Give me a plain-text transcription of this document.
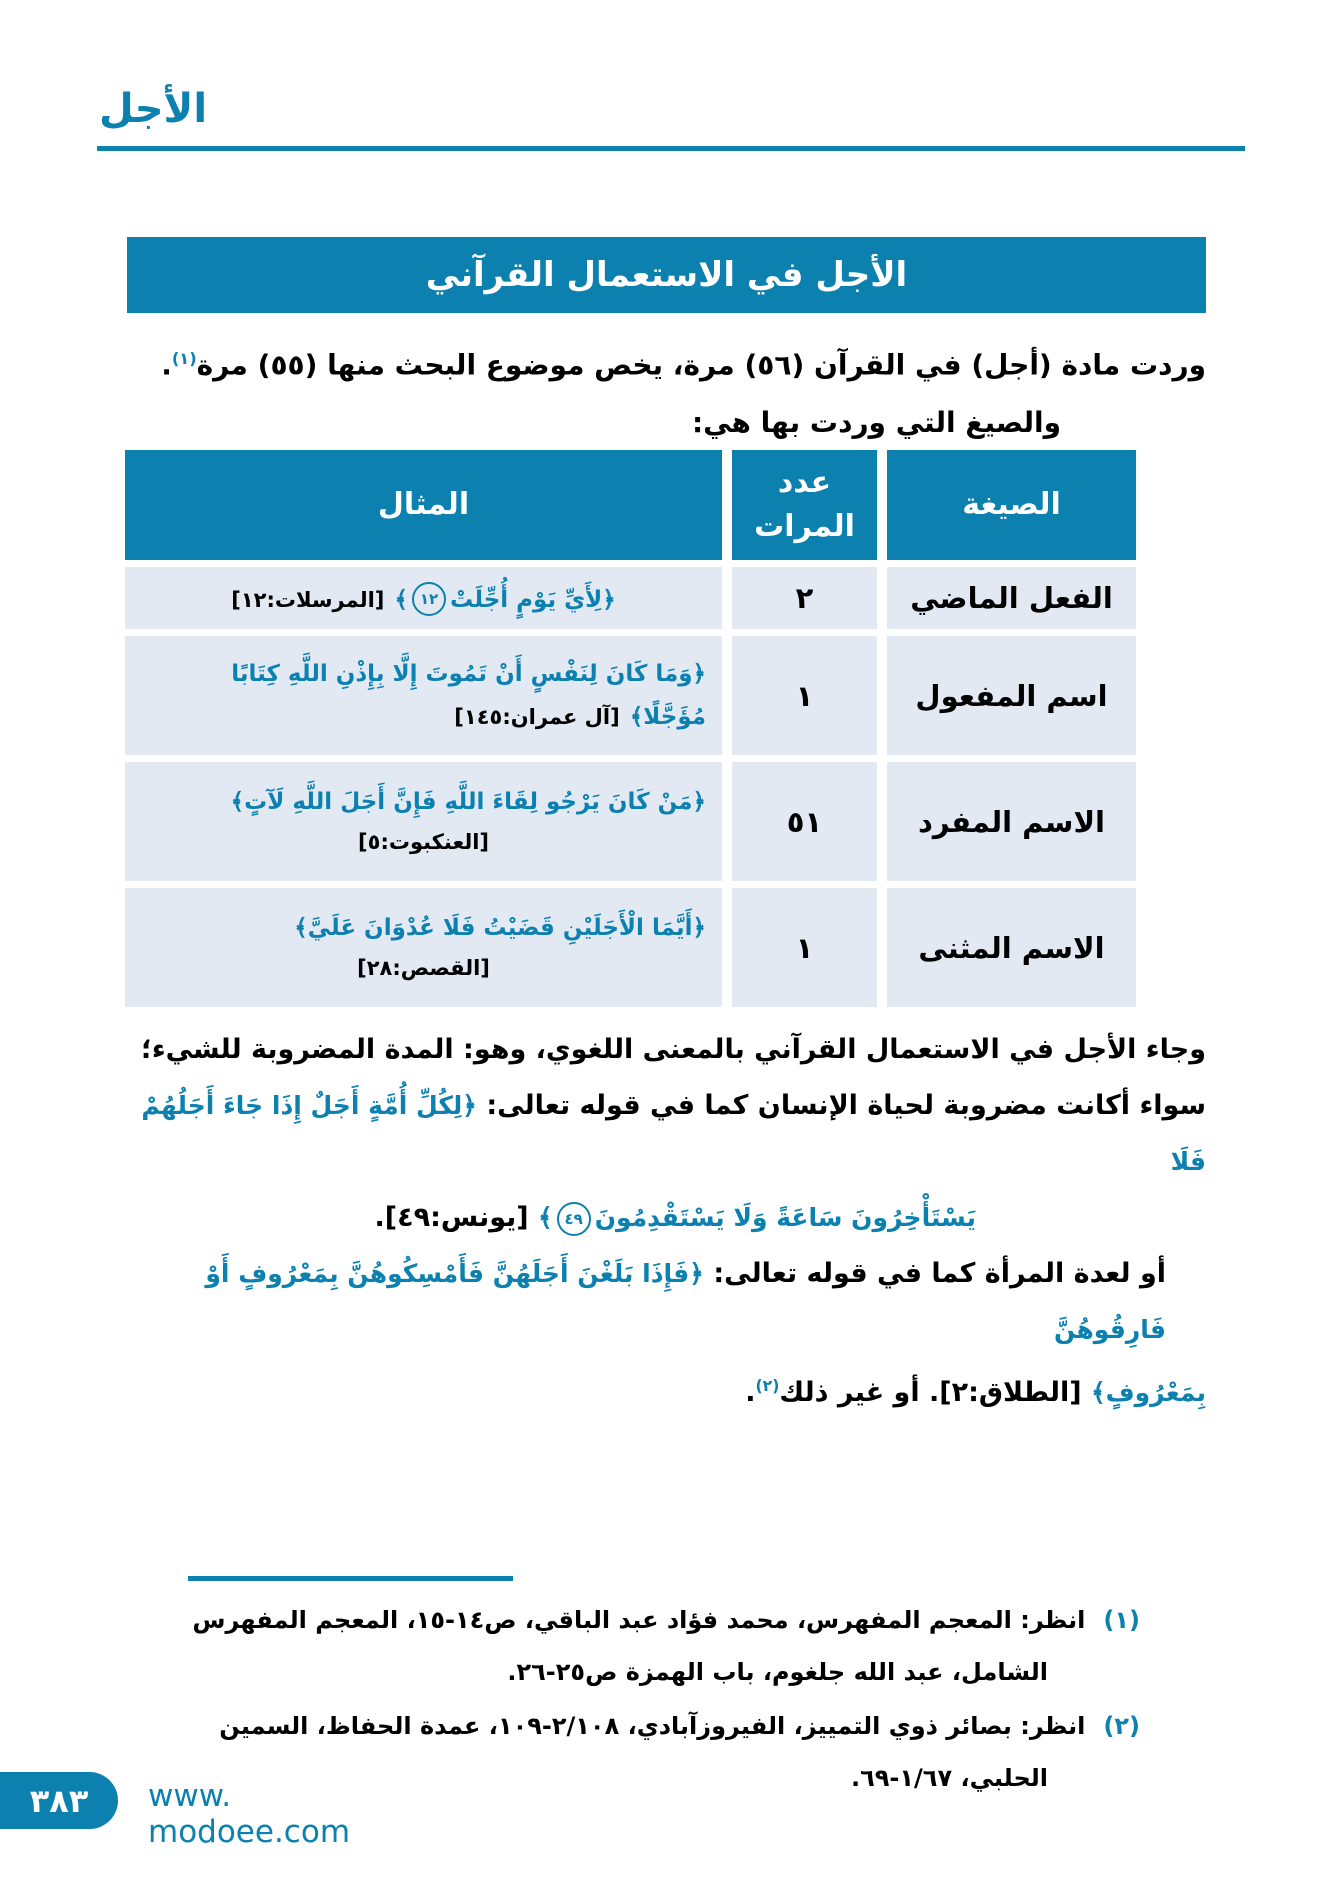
الأجل
الأجل في الاستعمال القرآني
وردت مادة (أجل) في القرآن (٥٦) مرة، يخص موضوع البحث منها (٥٥) مرة$^{(١)}$.
والصيغ التي وردت بها هي:
الصيغة
عدد المرات
المثال
الفعل الماضي
٢
﴿لِأَيِّ يَوْمٍ أُجِّلَتْ١٢﴾ [المرسلات:١٢]
اسم المفعول
١
﴿وَمَا كَانَ لِنَفْسٍ أَنْ تَمُوتَ إِلَّا بِإِذْنِ اللَّهِ كِتَابًا
مُؤَجَّلًا﴾ [آل عمران:١٤٥]
الاسم المفرد
٥١
﴿مَنْ كَانَ يَرْجُو لِقَاءَ اللَّهِ فَإِنَّ أَجَلَ اللَّهِ لَآتٍ﴾
[العنكبوت:٥]
الاسم المثنى
١
﴿أَيَّمَا الْأَجَلَيْنِ قَضَيْتُ فَلَا عُدْوَانَ عَلَيَّ﴾
[القصص:٢٨]
وجاء الأجل في الاستعمال القرآني بالمعنى اللغوي، وهو: المدة المضروبة للشيء؛
سواء أكانت مضروبة لحياة الإنسان كما في قوله تعالى: ﴿لِكُلِّ أُمَّةٍ أَجَلٌ إِذَا جَاءَ أَجَلُهُمْ فَلَا
يَسْتَأْخِرُونَ سَاعَةً وَلَا يَسْتَقْدِمُونَ٤٩﴾ [يونس:٤٩].
أو لعدة المرأة كما في قوله تعالى: ﴿فَإِذَا بَلَغْنَ أَجَلَهُنَّ فَأَمْسِكُوهُنَّ بِمَعْرُوفٍ أَوْ فَارِقُوهُنَّ
بِمَعْرُوفٍ﴾ [الطلاق:٢]. أو غير ذلك$^{(٢)}$.
(١)انظر: المعجم المفهرس، محمد فؤاد عبد الباقي، ص١٤-١٥، المعجم المفهرس الشامل، عبد الله جلغوم، باب الهمزة ص٢٥-٢٦.
(٢)انظر: بصائر ذوي التمييز، الفيروزآبادي، ٢/١٠٨-١٠٩، عمدة الحفاظ، السمين الحلبي، ١/٦٧-٦٩.
٣٨٣ www. modoee.com
